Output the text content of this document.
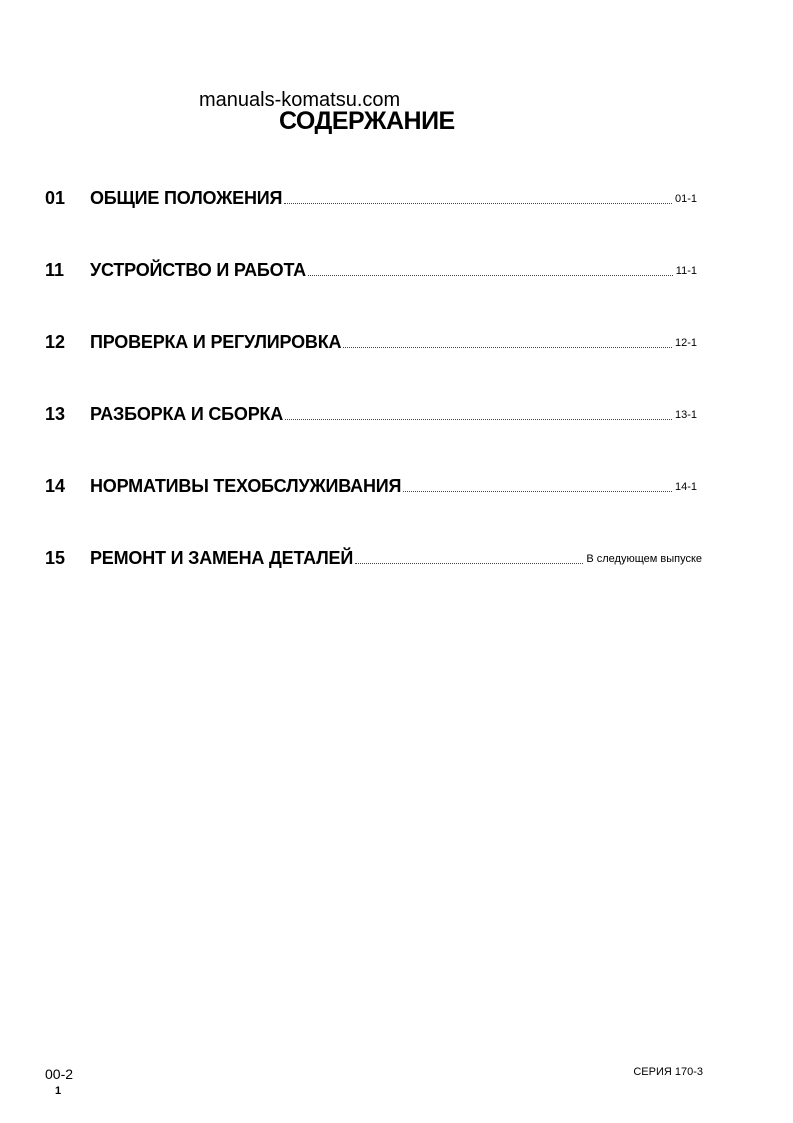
manuals-komatsu.com
СОДЕРЖАНИЕ
01	ОБЩИЕ ПОЛОЖЕНИЯ	01-1
11	УСТРОЙСТВО И РАБОТА	11-1
12	ПРОВЕРКА И РЕГУЛИРОВКА	12-1
13	РАЗБОРКА И СБОРКА	13-1
14	НОРМАТИВЫ ТЕХОБСЛУЖИВАНИЯ	14-1
15	РЕМОНТ И ЗАМЕНА ДЕТАЛЕЙ	В следующем выпуске
00-2
1
СЕРИЯ 170-3
